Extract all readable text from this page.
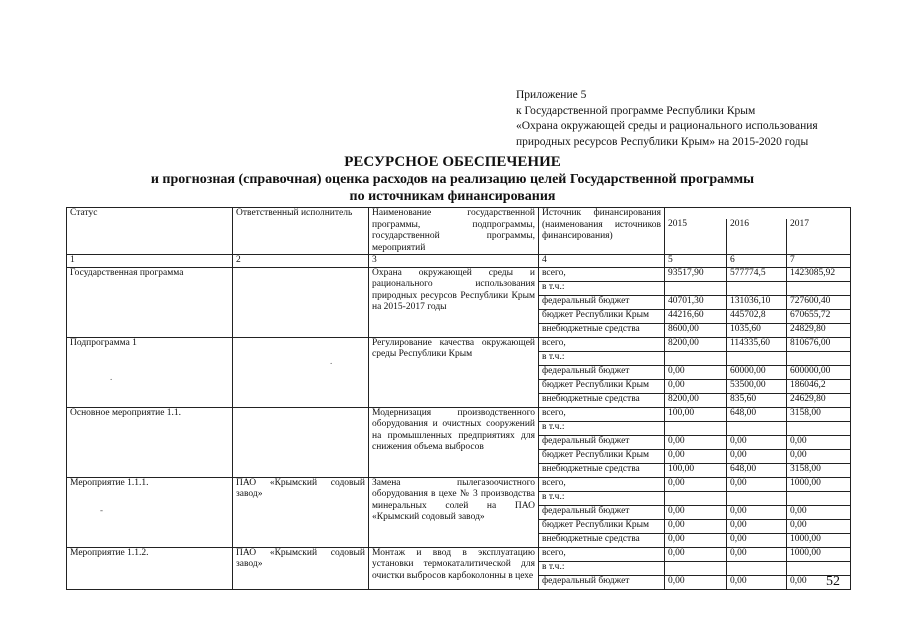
Приложение 5
к Государственной программе Республики Крым
«Охрана окружающей среды и рационального использования
природных ресурсов Республики Крым» на 2015-2020 годы
РЕСУРСНОЕ ОБЕСПЕЧЕНИЕ
и прогнозная (справочная) оценка расходов на реализацию целей Государственной программы
по источникам финансирования
Статус	Ответственный исполнитель	Наименование государственной программы, подпрограммы, государственной программы, мероприятий	Источник финансирования (наименования источников финансирования)			
				2015	2016	2017
1	2	3	4	5	6	7
Государственная программа		Охрана окружающей среды и рационального использования природных ресурсов Республики Крым на 2015-2017 годы	всего,	93517,90	577774,5	1423085,92
			в т.ч.:			
			федеральный бюджет	40701,30	131036,10	727600,40
			бюджет Республики Крым	44216,60	445702,8	670655,72
			внебюджетные средства	8600,00	1035,60	24829,80
Подпрограмма 1		Регулирование качества окружающей среды Республики Крым	всего,	8200,00	114335,60	810676,00
			в т.ч.:			
			федеральный бюджет	0,00	60000,00	600000,00
			бюджет Республики Крым	0,00	53500,00	186046,2
			внебюджетные средства	8200,00	835,60	24629,80
Основное мероприятие 1.1.		Модернизация производственного оборудования и очистных сооружений на промышленных предприятиях для снижения объема выбросов	всего,	100,00	648,00	3158,00
			в т.ч.:			
			федеральный бюджет	0,00	0,00	0,00
			бюджет Республики Крым	0,00	0,00	0,00
			внебюджетные средства	100,00	648,00	3158,00
Мероприятие 1.1.1.	ПАО «Крымский содовый завод»	Замена пылегазоочистного оборудования в цехе № 3 производства минеральных солей на ПАО «Крымский содовый завод»	всего,	0,00	0,00	1000,00
			в т.ч.:			
			федеральный бюджет	0,00	0,00	0,00
			бюджет Республики Крым	0,00	0,00	0,00
			внебюджетные средства	0,00	0,00	1000,00
Мероприятие 1.1.2.	ПАО «Крымский содовый завод»	Монтаж и ввод в эксплуатацию установки термокаталитической для очистки выбросов карбоколонны в цехе	всего,	0,00	0,00	1000,00
			в т.ч.:			
			федеральный бюджет	0,00	0,00	0,00
.
.
-
52
